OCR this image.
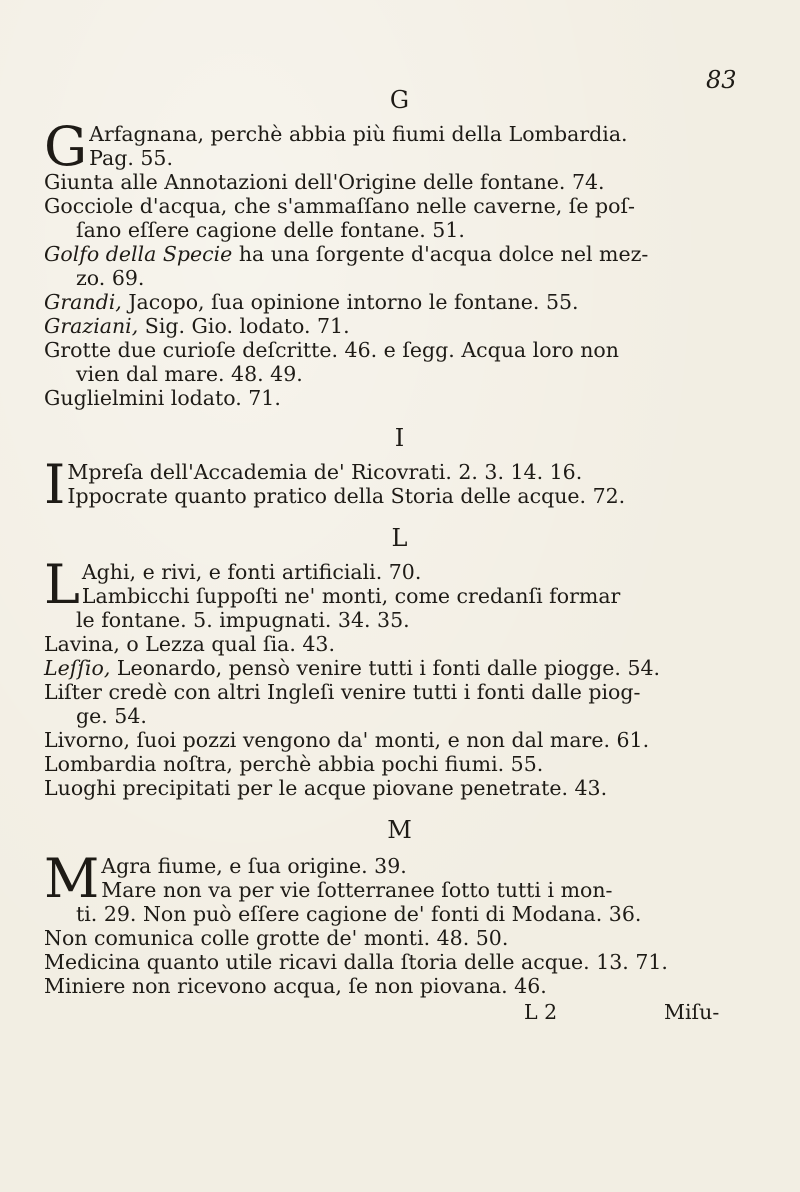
83
G
G Arfagnana, perchè abbia più fiumi della Lombardia.
Pag. 55.
Giunta alle Annotazioni dell'Origine delle fontane. 74.
Gocciole d'acqua, che s'ammaſſano nelle caverne, ſe poſ-
ſano eſſere cagione delle fontane. 51.
Golfo della Specie ha una ſorgente d'acqua dolce nel mez-
zo. 69.
Grandi, Jacopo, ſua opinione intorno le fontane. 55.
Graziani, Sig. Gio. lodato. 71.
Grotte due curioſe deſcritte. 46. e ſegg. Acqua loro non
vien dal mare. 48. 49.
Guglielmini lodato. 71.
I
I Mpreſa dell'Accademia de' Ricovrati. 2. 3. 14. 16.
Ippocrate quanto pratico della Storia delle acque. 72.
L
L Aghi, e rivi, e fonti artificiali. 70.
Lambicchi ſuppoſti ne' monti, come credanſi formar
le fontane. 5. impugnati. 34. 35.
Lavina, o Lezza qual ſia. 43.
Leſſio, Leonardo, pensò venire tutti i fonti dalle piogge. 54.
Liſter credè con altri Ingleſi venire tutti i fonti dalle piog-
ge. 54.
Livorno, ſuoi pozzi vengono da' monti, e non dal mare. 61.
Lombardia noſtra, perchè abbia pochi fiumi. 55.
Luoghi precipitati per le acque piovane penetrate. 43.
M
M Agra fiume, e ſua origine. 39.
Mare non va per vie ſotterranee ſotto tutti i mon-
ti. 29. Non può eſſere cagione de' fonti di Modana. 36.
Non comunica colle grotte de' monti. 48. 50.
Medicina quanto utile ricavi dalla ſtoria delle acque. 13. 71.
Miniere non ricevono acqua, ſe non piovana. 46.
L 2	Miſu-
